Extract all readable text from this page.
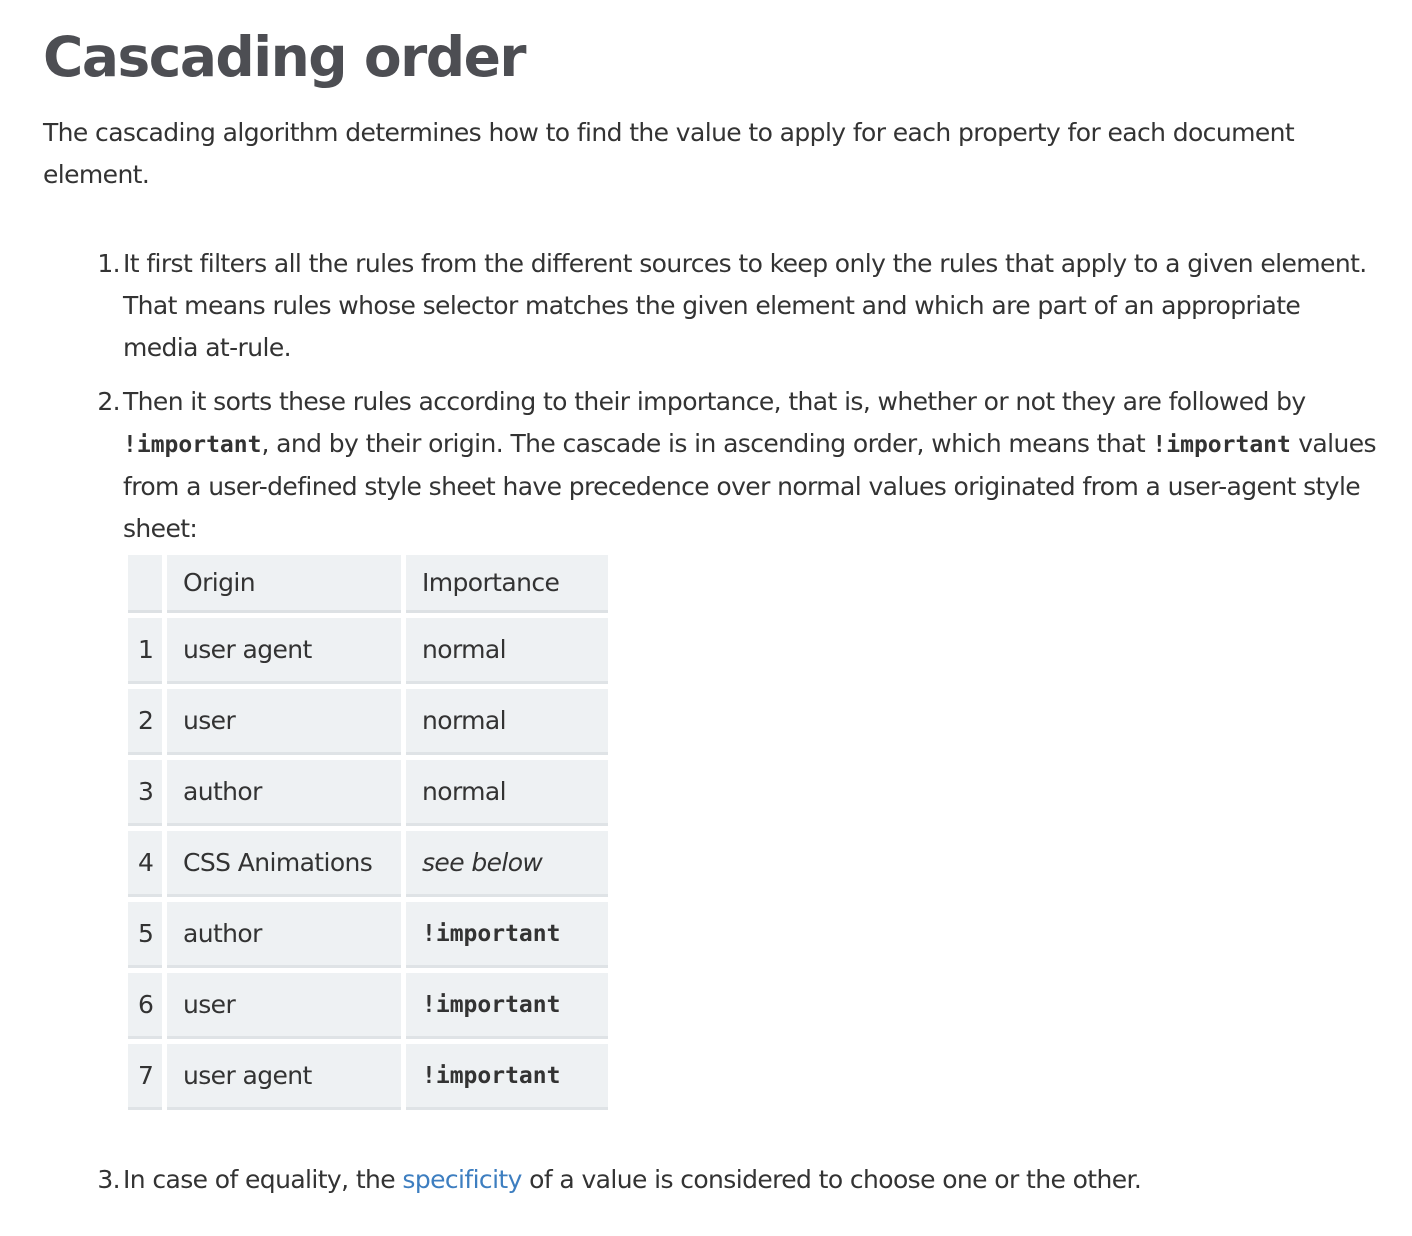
Cascading order

The cascading algorithm determines how to find the value to apply for each property for each document element.

1. It first filters all the rules from the different sources to keep only the rules that apply to a given element. That means rules whose selector matches the given element and which are part of an appropriate media at-rule.
2. Then it sorts these rules according to their importance, that is, whether or not they are followed by !important, and by their origin. The cascade is in ascending order, which means that !important values from a user-defined style sheet have precedence over normal values originated from a user-agent style sheet:
3. In case of equality, the specificity of a value is considered to choose one or the other.
	Origin	Importance
1	user agent	normal
2	user	normal
3	author	normal
4	CSS Animations	see below
5	author	!important
6	user	!important
7	user agent	!important
